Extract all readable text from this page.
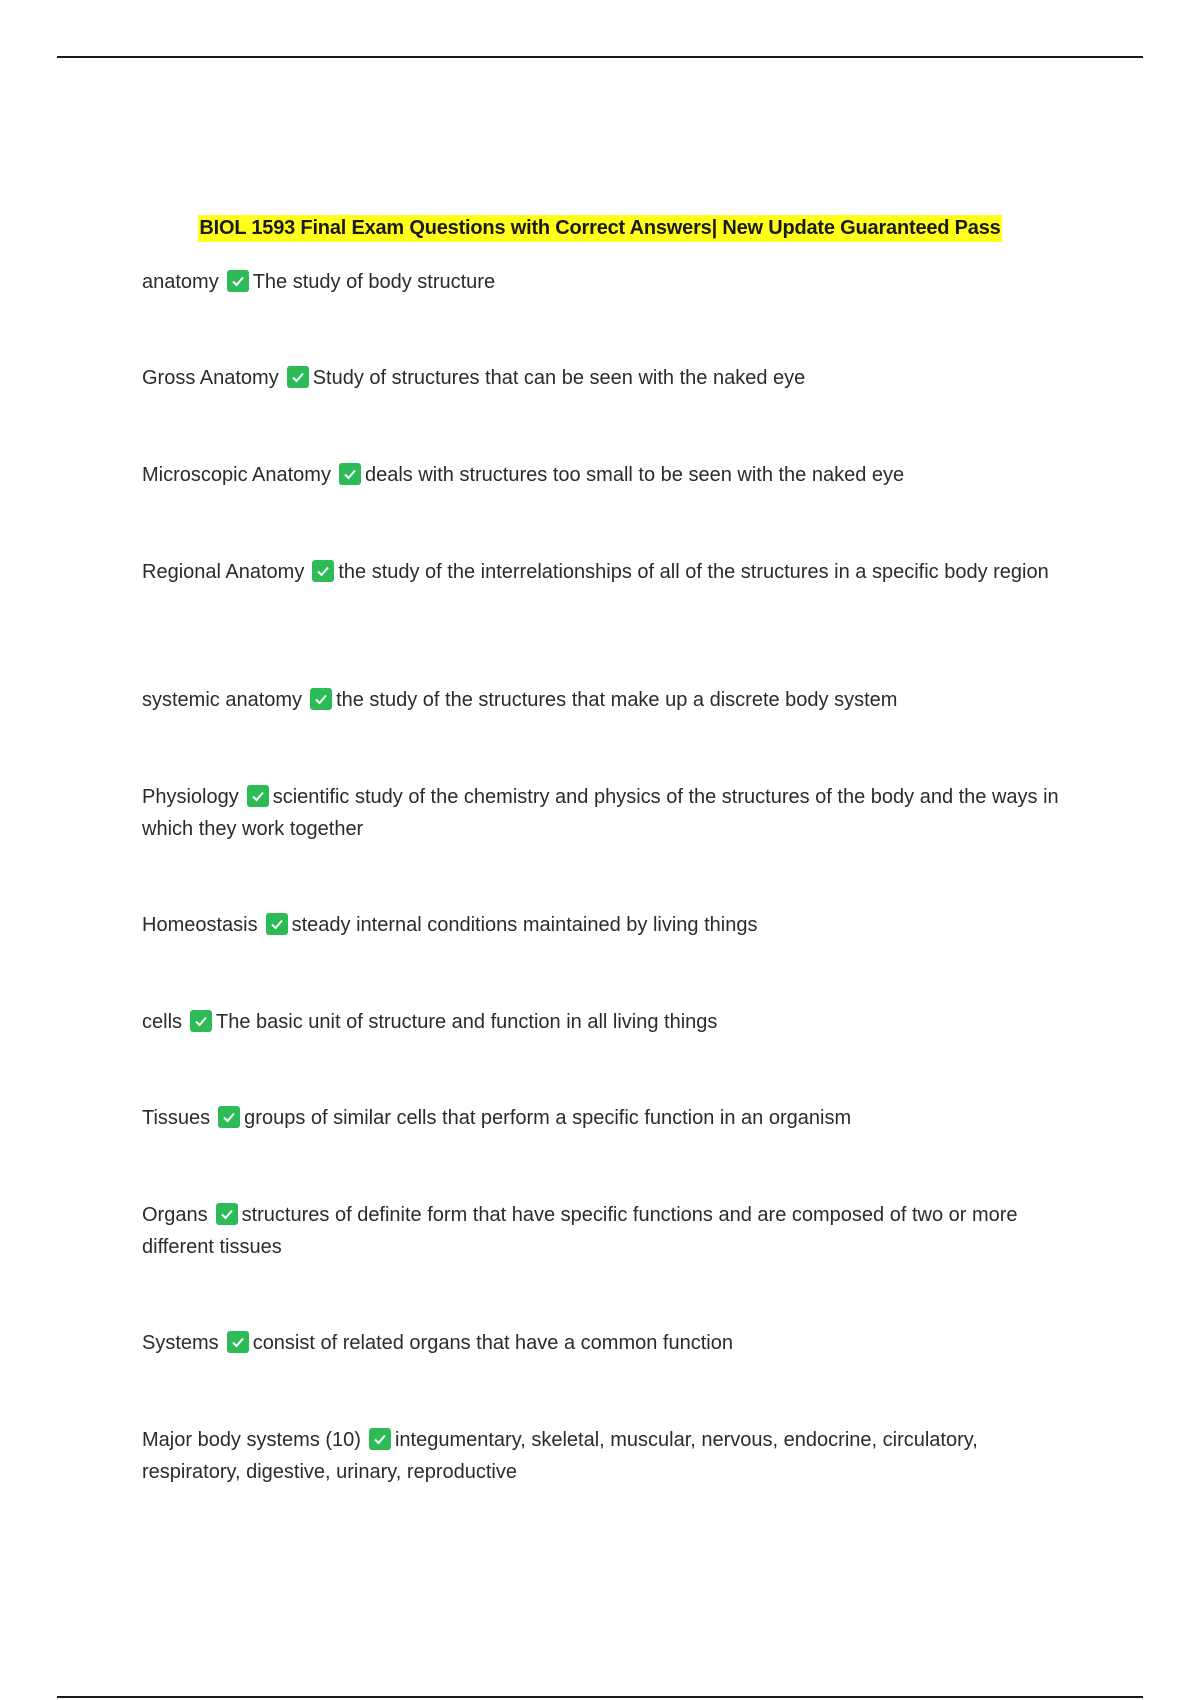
BIOL 1593 Final Exam Questions with Correct Answers| New Update Guaranteed Pass
anatomy The study of body structure
Gross Anatomy Study of structures that can be seen with the naked eye
Microscopic Anatomy deals with structures too small to be seen with the naked eye
Regional Anatomy the study of the interrelationships of all of the structures in a specific body region
systemic anatomy the study of the structures that make up a discrete body system
Physiology scientific study of the chemistry and physics of the structures of the body and the ways in which they work together
Homeostasis steady internal conditions maintained by living things
cells The basic unit of structure and function in all living things
Tissues groups of similar cells that perform a specific function in an organism
Organs structures of definite form that have specific functions and are composed of two or more different tissues
Systems consist of related organs that have a common function
Major body systems (10) integumentary, skeletal, muscular, nervous, endocrine, circulatory, respiratory, digestive, urinary, reproductive
